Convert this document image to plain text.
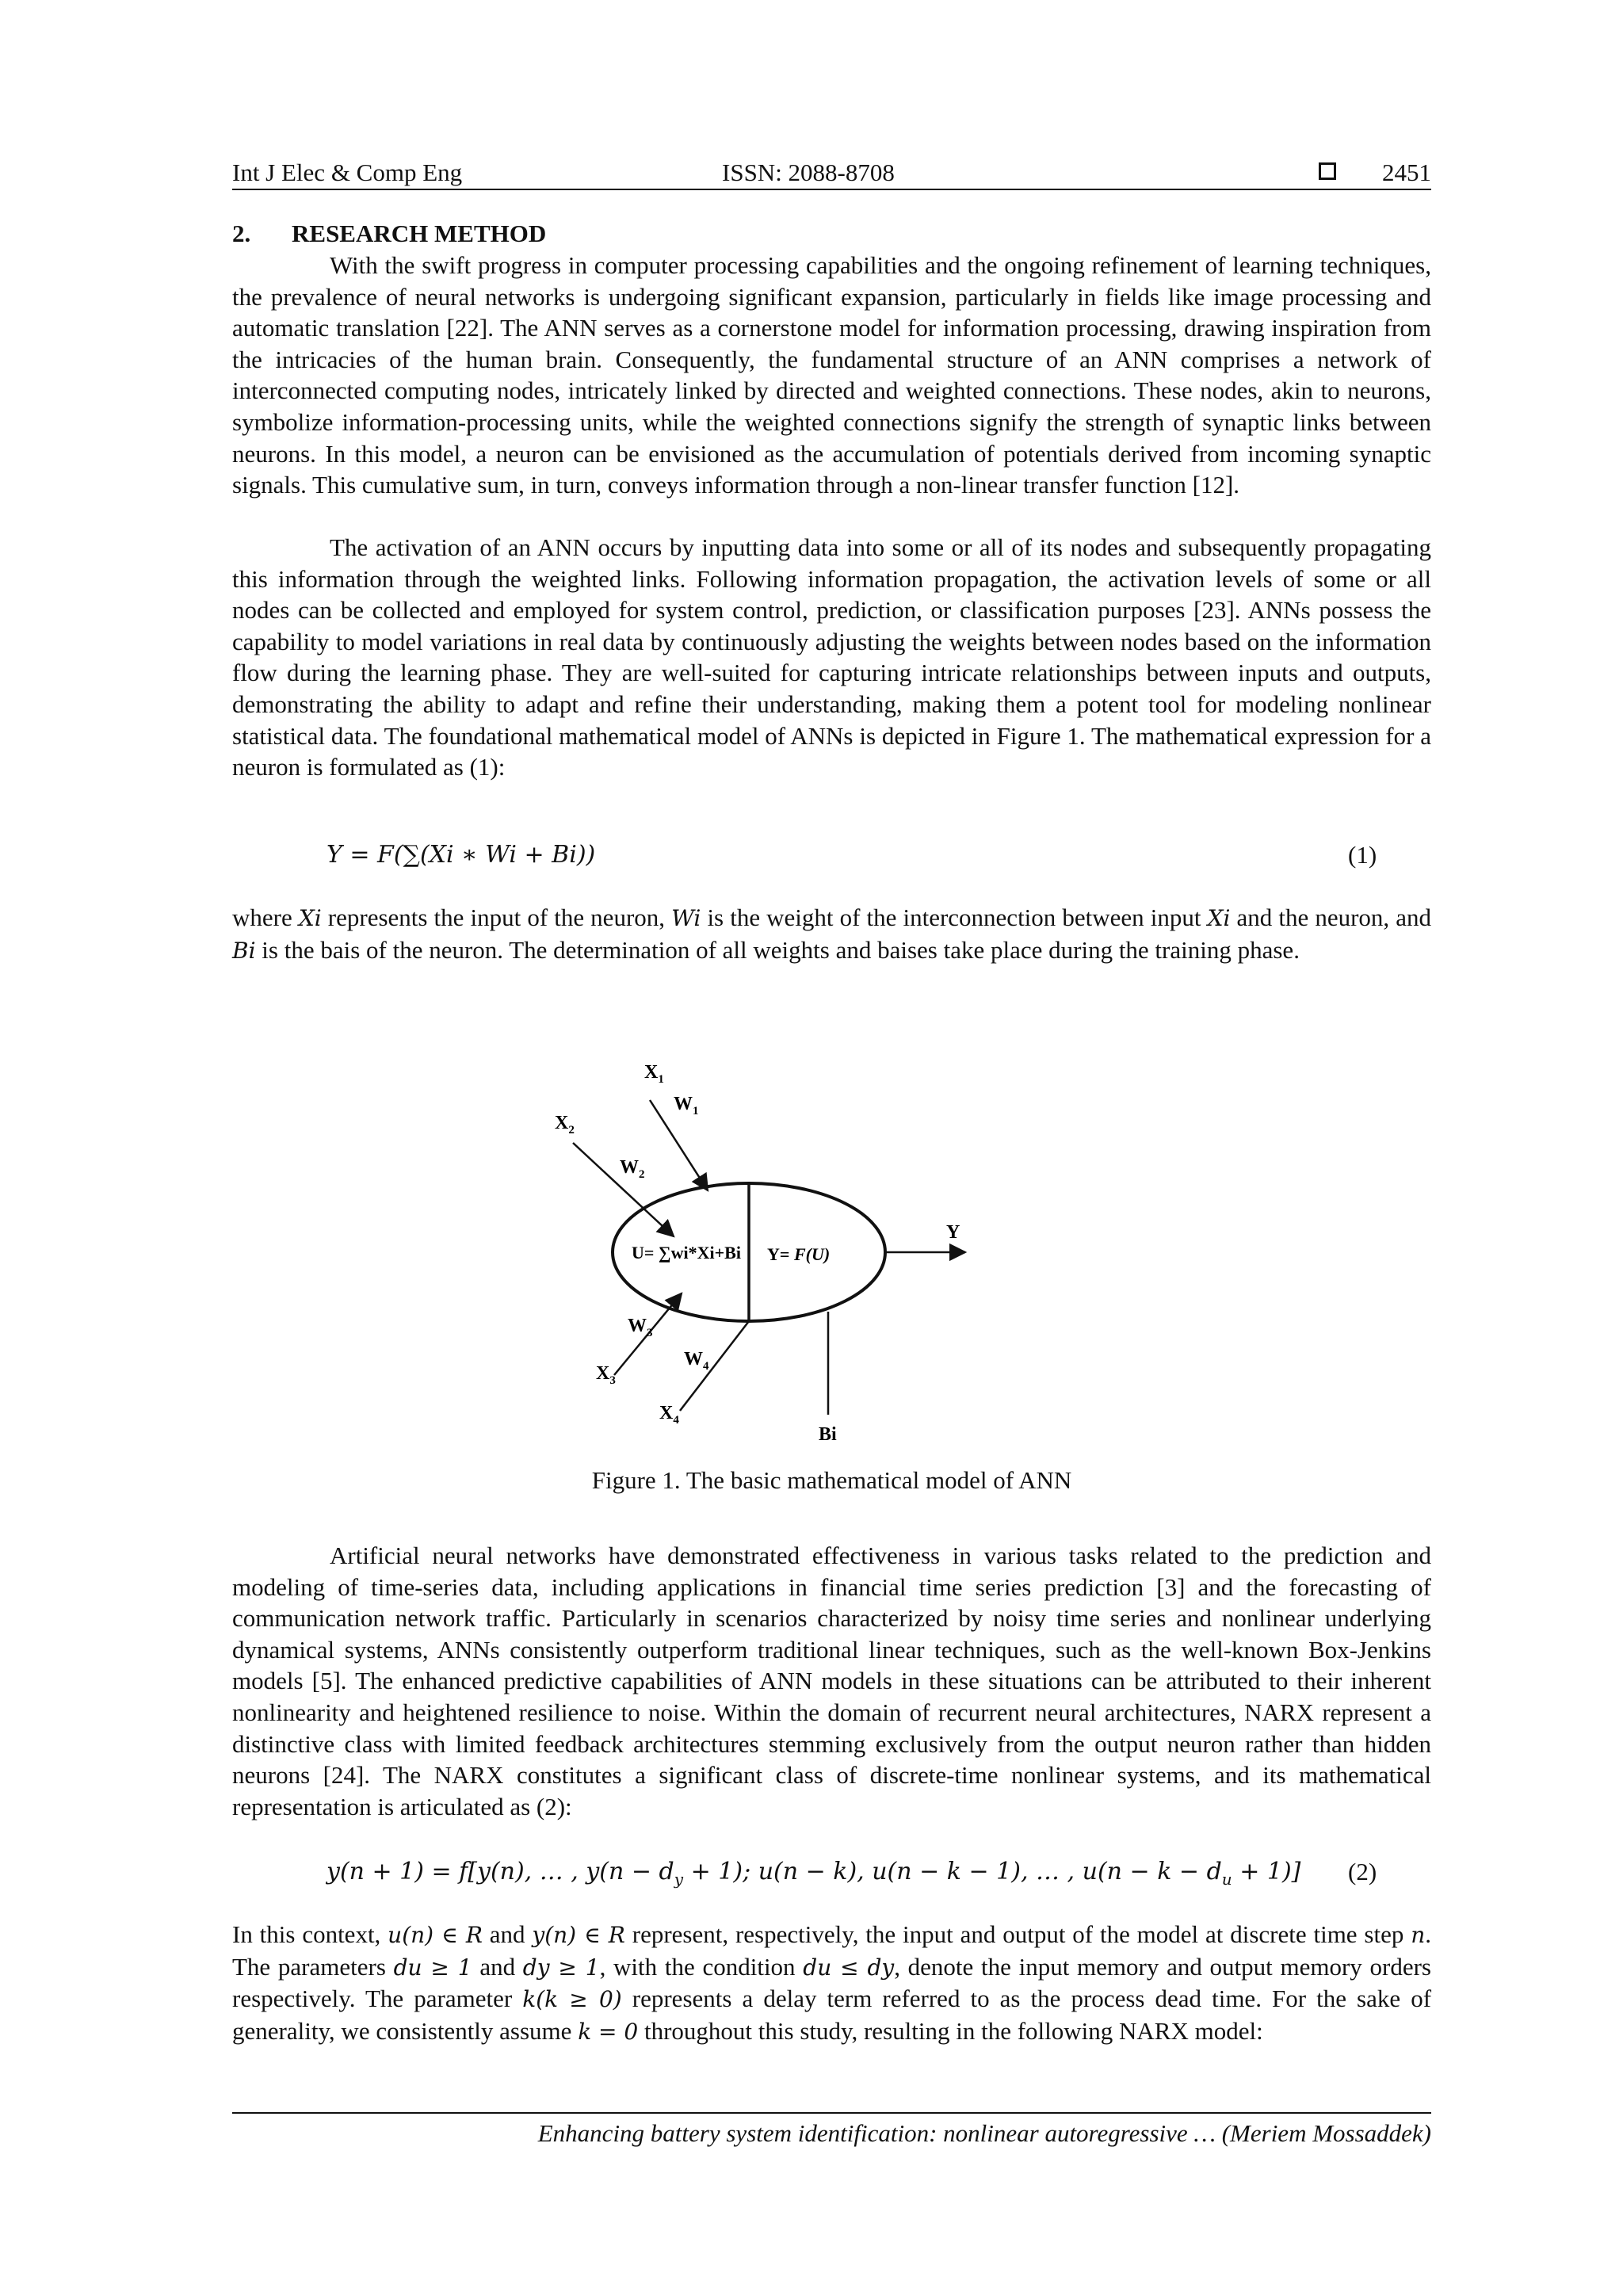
Int J Elec & Comp Eng	ISSN: 2088-8708	2451
2. RESEARCH METHOD

With the swift progress in computer processing capabilities and the ongoing refinement of learning techniques, the prevalence of neural networks is undergoing significant expansion, particularly in fields like image processing and automatic translation [22]. The ANN serves as a cornerstone model for information processing, drawing inspiration from the intricacies of the human brain. Consequently, the fundamental structure of an ANN comprises a network of interconnected computing nodes, intricately linked by directed and weighted connections. These nodes, akin to neurons, symbolize information-processing units, while the weighted connections signify the strength of synaptic links between neurons. In this model, a neuron can be envisioned as the accumulation of potentials derived from incoming synaptic signals. This cumulative sum, in turn, conveys information through a non-linear transfer function [12].

The activation of an ANN occurs by inputting data into some or all of its nodes and subsequently propagating this information through the weighted links. Following information propagation, the activation levels of some or all nodes can be collected and employed for system control, prediction, or classification purposes [23]. ANNs possess the capability to model variations in real data by continuously adjusting the weights between nodes based on the information flow during the learning phase. They are well-suited for capturing intricate relationships between inputs and outputs, demonstrating the ability to adapt and refine their understanding, making them a potent tool for modeling nonlinear statistical data. The foundational mathematical model of ANNs is depicted in Figure 1. The mathematical expression for a neuron is formulated as (1):

Y = F(∑(Xi ∗ Wi + Bi))	(1)

where Xi represents the input of the neuron, Wi is the weight of the interconnection between input Xi and the neuron, and Bi is the bais of the neuron. The determination of all weights and baises take place during the training phase.

$X_1$
$W_1$
$X_2$
$W_2$
$W_3$
$X_3$
$W_4$
$X_4$
U= ∑wi*Xi+Bi Y= F(U)
Y
Bi
Figure 1. The basic mathematical model of ANN

Artificial neural networks have demonstrated effectiveness in various tasks related to the prediction and modeling of time-series data, including applications in financial time series prediction [3] and the forecasting of communication network traffic. Particularly in scenarios characterized by noisy time series and nonlinear underlying dynamical systems, ANNs consistently outperform traditional linear techniques, such as the well-known Box-Jenkins models [5]. The enhanced predictive capabilities of ANN models in these situations can be attributed to their inherent nonlinearity and heightened resilience to noise. Within the domain of recurrent neural architectures, NARX represent a distinctive class with limited feedback architectures stemming exclusively from the output neuron rather than hidden neurons [24]. The NARX constitutes a significant class of discrete-time nonlinear systems, and its mathematical representation is articulated as (2):

y(n + 1) = f[y(n), … , $y(n - d_y + 1)$; u(n − k), u(n − k − 1), … , $u(n - k - d_u + 1)$] (2)

In this context, u(n) ∈ R and y(n) ∈ R represent, respectively, the input and output of the model at discrete time step n. The parameters du ≥ 1 and dy ≥ 1, with the condition du ≤ dy, denote the input memory and output memory orders respectively. The parameter k(k ≥ 0) represents a delay term referred to as the process dead time. For the sake of generality, we consistently assume k = 0 throughout this study, resulting in the following NARX model:

Enhancing battery system identification: nonlinear autoregressive … (Meriem Mossaddek)
